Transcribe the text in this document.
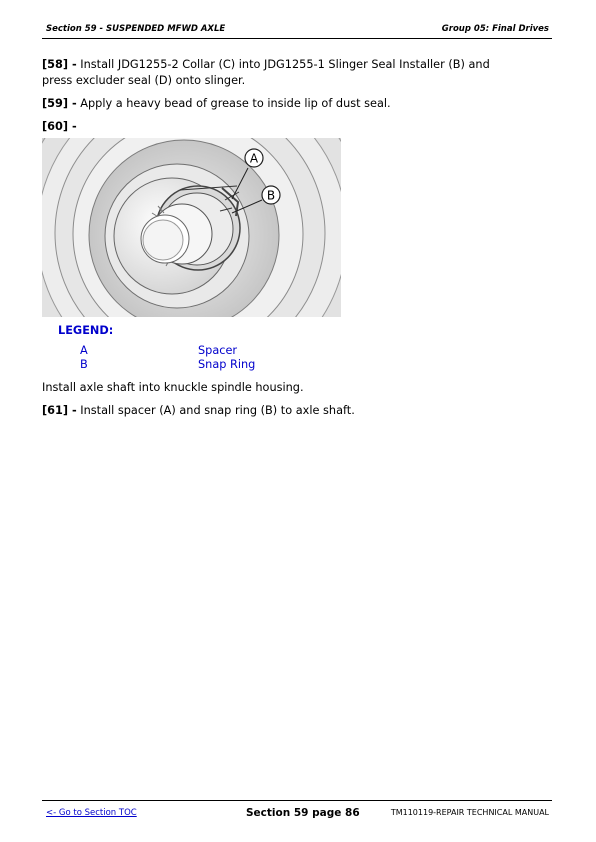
Section 59 - SUSPENDED MFWD AXLE	Group 05: Final Drives
[58] - Install JDG1255-2 Collar (C) into JDG1255-1 Slinger Seal Installer (B) and press excluder seal (D) onto slinger.
[59] - Apply a heavy bead of grease to inside lip of dust seal.
[60] -
A
B
LEGEND:
A	Spacer
B	Snap Ring
Install axle shaft into knuckle spindle housing.
[61] - Install spacer (A) and snap ring (B) to axle shaft.
<- Go to Section TOC	Section 59 page 86	TM110119-REPAIR TECHNICAL MANUAL
